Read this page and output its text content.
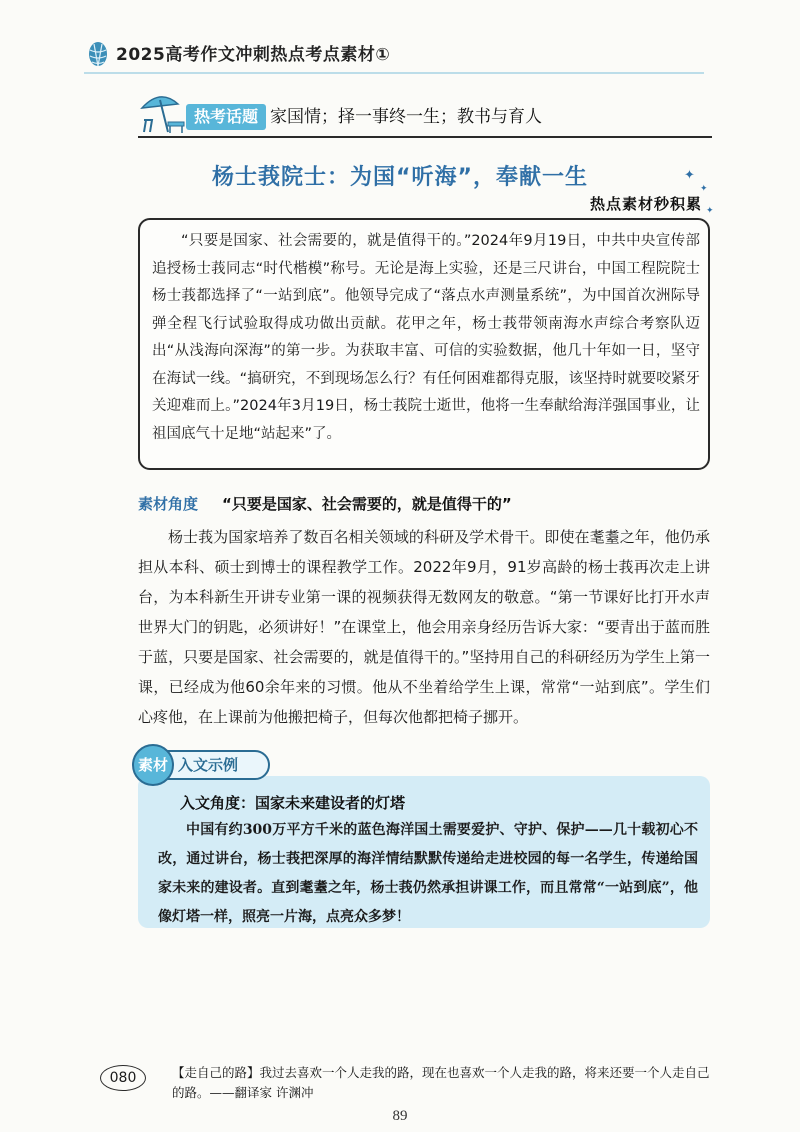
2025高考作文冲刺热点考点素材①
热考话题 家国情；择一事终一生；教书与育人
杨士莪院士：为国“听海”，奉献一生	✦
✦
热点素材秒积累 ✦
“只要是国家、社会需要的，就是值得干的。”2024年9月19日，中共中央宣传部追授杨士莪同志“时代楷模”称号。无论是海上实验，还是三尺讲台，中国工程院院士杨士莪都选择了“一站到底”。他领导完成了“落点水声测量系统”，为中国首次洲际导弹全程飞行试验取得成功做出贡献。花甲之年，杨士莪带领南海水声综合考察队迈出“从浅海向深海”的第一步。为获取丰富、可信的实验数据，他几十年如一日，坚守在海试一线。“搞研究，不到现场怎么行？有任何困难都得克服，该坚持时就要咬紧牙关迎难而上。”2024年3月19日，杨士莪院士逝世，他将一生奉献给海洋强国事业，让祖国底气十足地“站起来”了。
素材角度 “只要是国家、社会需要的，就是值得干的”
杨士莪为国家培养了数百名相关领域的科研及学术骨干。即使在耄耋之年，他仍承担从本科、硕士到博士的课程教学工作。2022年9月，91岁高龄的杨士莪再次走上讲台，为本科新生开讲专业第一课的视频获得无数网友的敬意。“第一节课好比打开水声世界大门的钥匙，必须讲好！”在课堂上，他会用亲身经历告诉大家：“要青出于蓝而胜于蓝，只要是国家、社会需要的，就是值得干的。”坚持用自己的科研经历为学生上第一课，已经成为他60余年来的习惯。他从不坐着给学生上课，常常“一站到底”。学生们心疼他，在上课前为他搬把椅子，但每次他都把椅子挪开。
入文示例
素材
入文角度：国家未来建设者的灯塔
中国有约300万平方千米的蓝色海洋国土需要爱护、守护、保护——几十载初心不改，通过讲台，杨士莪把深厚的海洋情结默默传递给走进校园的每一名学生，传递给国家未来的建设者。直到耄耋之年，杨士莪仍然承担讲课工作，而且常常“一站到底”，他像灯塔一样，照亮一片海，点亮众多梦！
080	【走自己的路】我过去喜欢一个人走我的路，现在也喜欢一个人走我的路，将来还要一个人走自己的路。——翻译家 许渊冲
89
